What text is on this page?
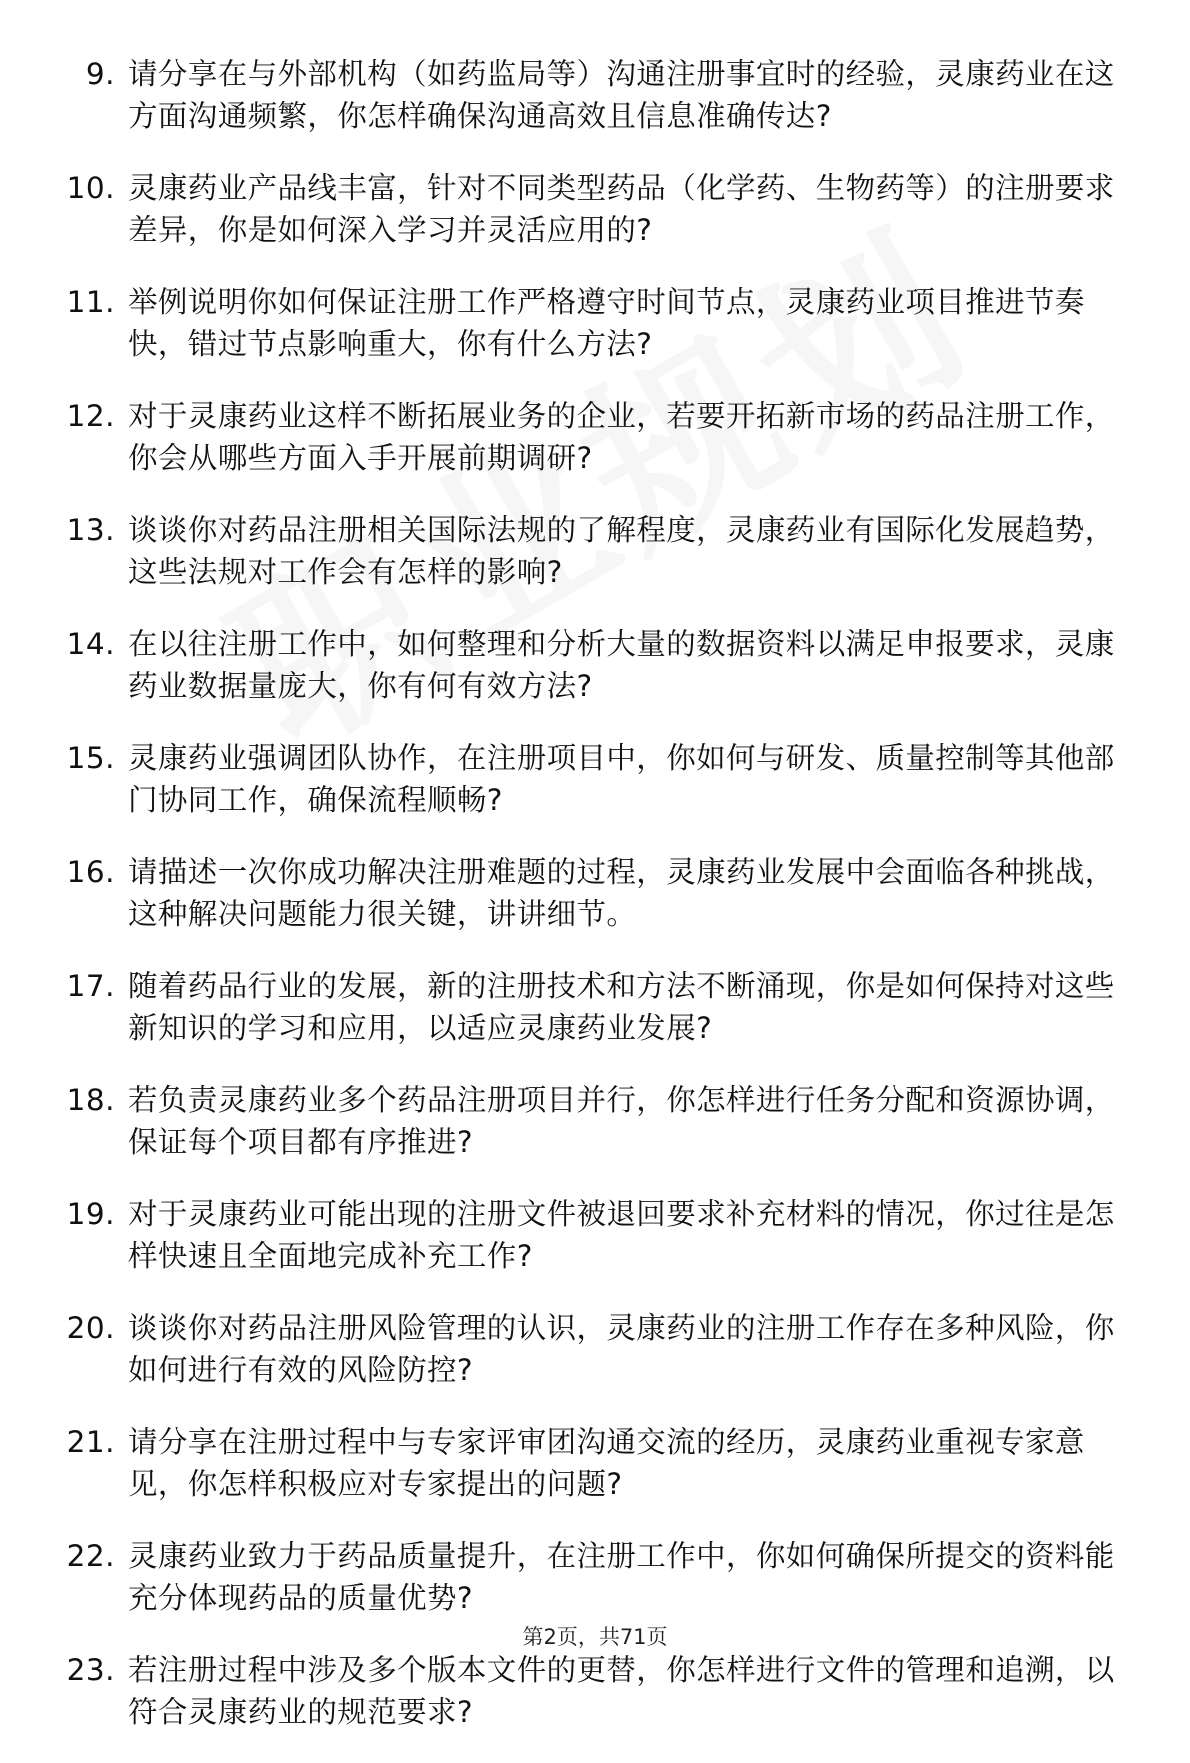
9. 请分享在与外部机构（如药监局等）沟通注册事宜时的经验，灵康药业在这方面沟通频繁，你怎样确保沟通高效且信息准确传达?
10. 灵康药业产品线丰富，针对不同类型药品（化学药、生物药等）的注册要求差异，你是如何深入学习并灵活应用的?
11. 举例说明你如何保证注册工作严格遵守时间节点，灵康药业项目推进节奏快，错过节点影响重大，你有什么方法?
12. 对于灵康药业这样不断拓展业务的企业，若要开拓新市场的药品注册工作，你会从哪些方面入手开展前期调研?
13. 谈谈你对药品注册相关国际法规的了解程度，灵康药业有国际化发展趋势，这些法规对工作会有怎样的影响?
14. 在以往注册工作中，如何整理和分析大量的数据资料以满足申报要求，灵康药业数据量庞大，你有何有效方法?
15. 灵康药业强调团队协作，在注册项目中，你如何与研发、质量控制等其他部门协同工作，确保流程顺畅?
16. 请描述一次你成功解决注册难题的过程，灵康药业发展中会面临各种挑战，这种解决问题能力很关键，讲讲细节。
17. 随着药品行业的发展，新的注册技术和方法不断涌现，你是如何保持对这些新知识的学习和应用，以适应灵康药业发展?
18. 若负责灵康药业多个药品注册项目并行，你怎样进行任务分配和资源协调，保证每个项目都有序推进?
19. 对于灵康药业可能出现的注册文件被退回要求补充材料的情况，你过往是怎样快速且全面地完成补充工作?
20. 谈谈你对药品注册风险管理的认识，灵康药业的注册工作存在多种风险，你如何进行有效的风险防控?
21. 请分享在注册过程中与专家评审团沟通交流的经历，灵康药业重视专家意见，你怎样积极应对专家提出的问题?
22. 灵康药业致力于药品质量提升，在注册工作中，你如何确保所提交的资料能充分体现药品的质量优势?
23. 若注册过程中涉及多个版本文件的更替，你怎样进行文件的管理和追溯，以符合灵康药业的规范要求?
第2页，共71页
